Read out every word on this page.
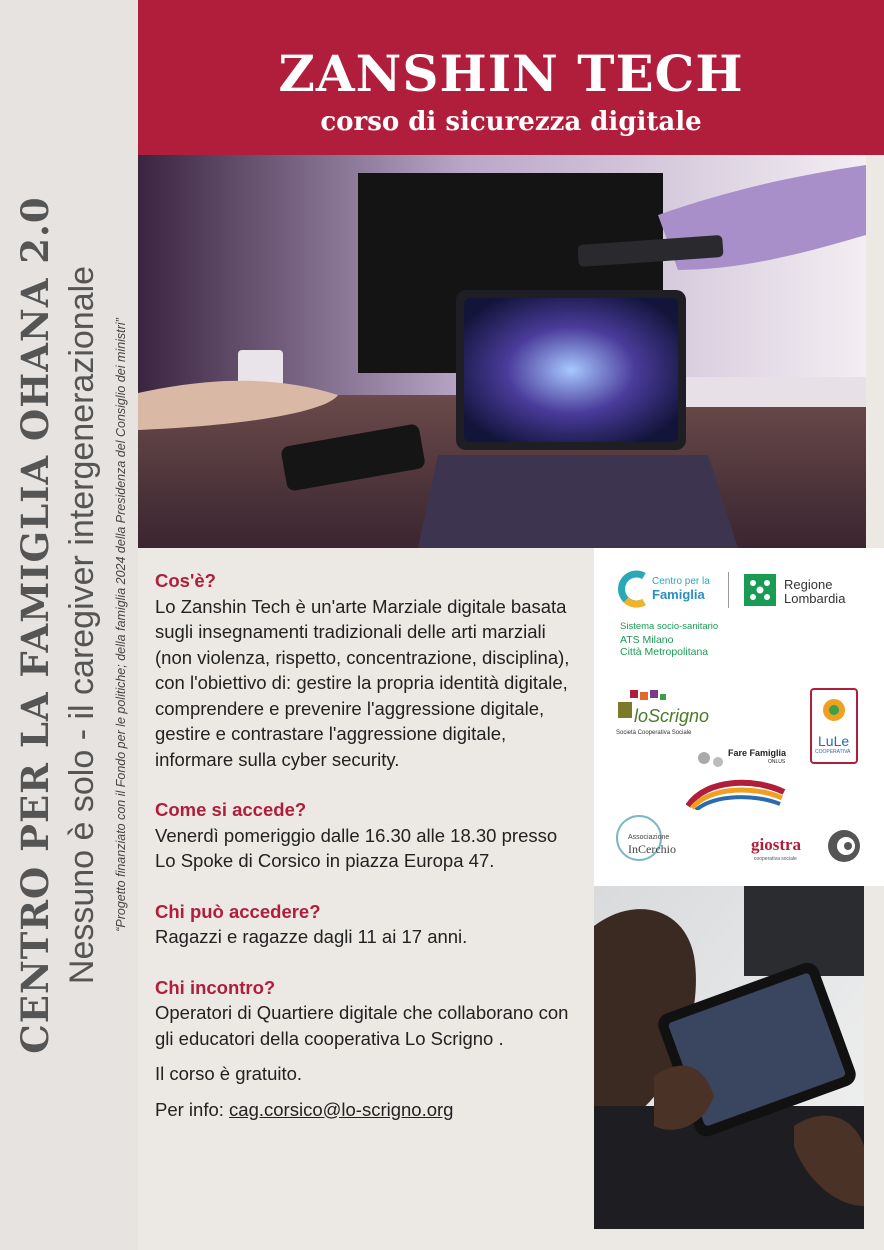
CENTRO PER LA FAMIGLIA OHANA 2.0 Nessuno è solo - il caregiver intergenerazionale “Progetto finanziato con il Fondo per le politiche; della famiglia 2024 della Presidenza del Consiglio dei ministri”
ZANSHIN TECH
corso di sicurezza digitale
Cos'è?

Lo Zanshin Tech è un'arte Marziale digitale basata sugli insegnamenti tradizionali delle arti marziali (non violenza, rispetto, concentrazione, disciplina), con l'obiettivo di: gestire la propria identità digitale, comprendere e prevenire l'aggressione digitale, gestire e contrastare l'aggressione digitale, informare sulla cyber security.

Come si accede?

Venerdì pomeriggio dalle 16.30 alle 18.30 presso Lo Spoke di Corsico in piazza Europa 47.

Chi può accedere?

Ragazzi e ragazze dagli 11 ai 17 anni.

Chi incontro?

Operatori di Quartiere digitale che collaborano con gli educatori della cooperativa Lo Scrigno .

Il corso è gratuito.

Per info: cag.corsico@lo-scrigno.org

Centro per la
Famiglia
Regione
Lombardia
Sistema socio-sanitario
ATS Milano
Città Metropolitana
loScrigno
Società Cooperativa Sociale	LuLe
COOPERATIVA
Fare Famiglia
ONLUS
Associazione
InCerchio	giostra
cooperativa sociale
